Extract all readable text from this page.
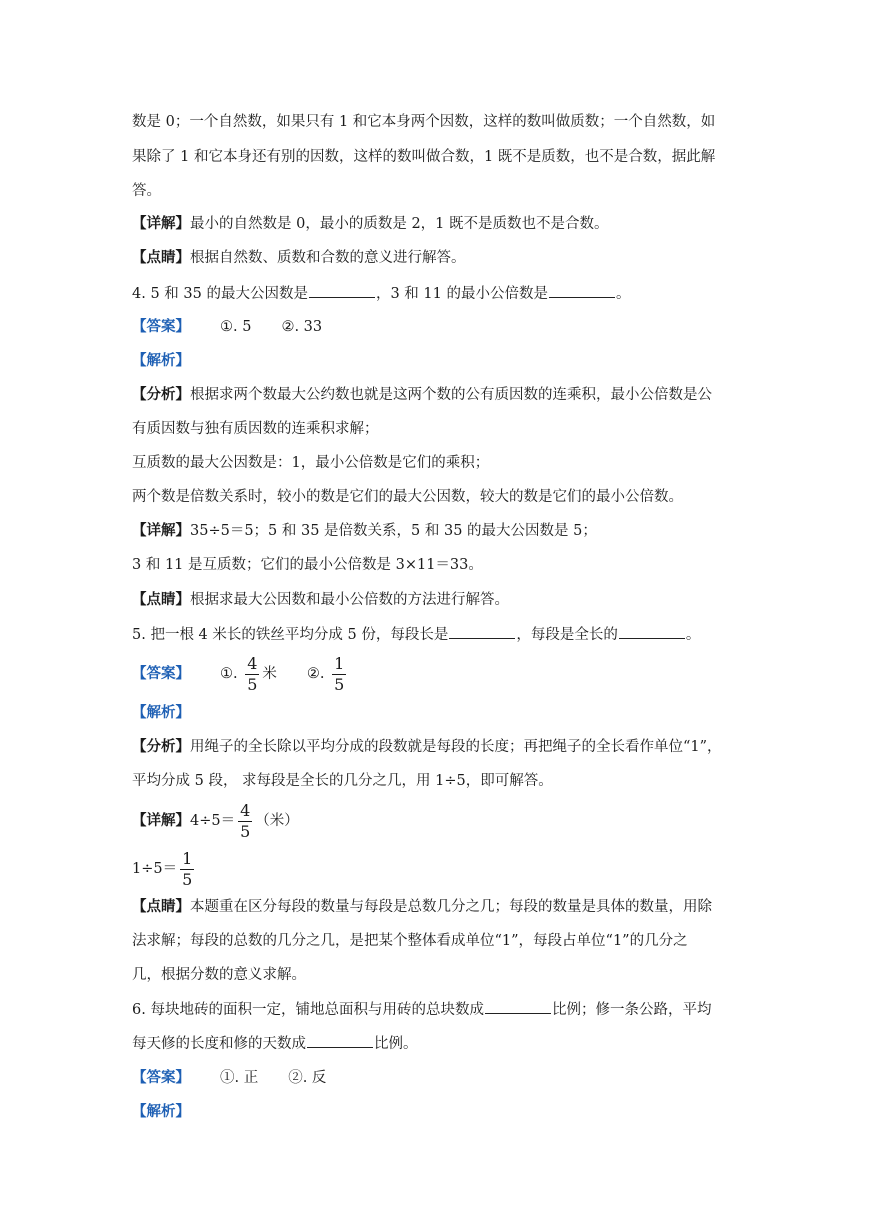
数是 0；一个自然数，如果只有 1 和它本身两个因数，这样的数叫做质数；一个自然数，如
果除了 1 和它本身还有别的因数，这样的数叫做合数，1 既不是质数，也不是合数，据此解
答。
【详解】最小的自然数是 0，最小的质数是 2，1 既不是质数也不是合数。
【点睛】根据自然数、质数和合数的意义进行解答。
4. 5 和 35 的最大公因数是	，3 和 11 的最小公倍数是	。
【答案】 ①. 5 ②. 33
【解析】
【分析】根据求两个数最大公约数也就是这两个数的公有质因数的连乘积，最小公倍数是公
有质因数与独有质因数的连乘积求解；
互质数的最大公因数是：1，最小公倍数是它们的乘积；
两个数是倍数关系时，较小的数是它们的最大公因数，较大的数是它们的最小公倍数。
【详解】35÷5＝5；5 和 35 是倍数关系，5 和 35 的最大公因数是 5；
3 和 11 是互质数；它们的最小公倍数是 3×11＝33。
【点睛】根据求最大公因数和最小公倍数的方法进行解答。
5. 把一根 4 米长的铁丝平均分成 5 份，每段长是	，每段是全长的	。
【答案】 ①. $\frac{4}{5}$ 米 ②. $\frac{1}{5}$
【解析】
【分析】用绳子的全长除以平均分成的段数就是每段的长度；再把绳子的全长看作单位“1”，
平均分成 5 段， 求每段是全长的几分之几，用 1÷5，即可解答。
【详解】$4\div 5= \frac{4}{5}$ （米）
$1\div 5= \frac{1}{5}$
【点睛】本题重在区分每段的数量与每段是总数几分之几；每段的数量是具体的数量，用除
法求解；每段的总数的几分之几，是把某个整体看成单位“1”，每段占单位“1”的几分之
几，根据分数的意义求解。
6. 每块地砖的面积一定，铺地总面积与用砖的总块数成	比例；修一条公路，平均
每天修的长度和修的天数成	比例。
【答案】 ①. 正 ②. 反
【解析】
